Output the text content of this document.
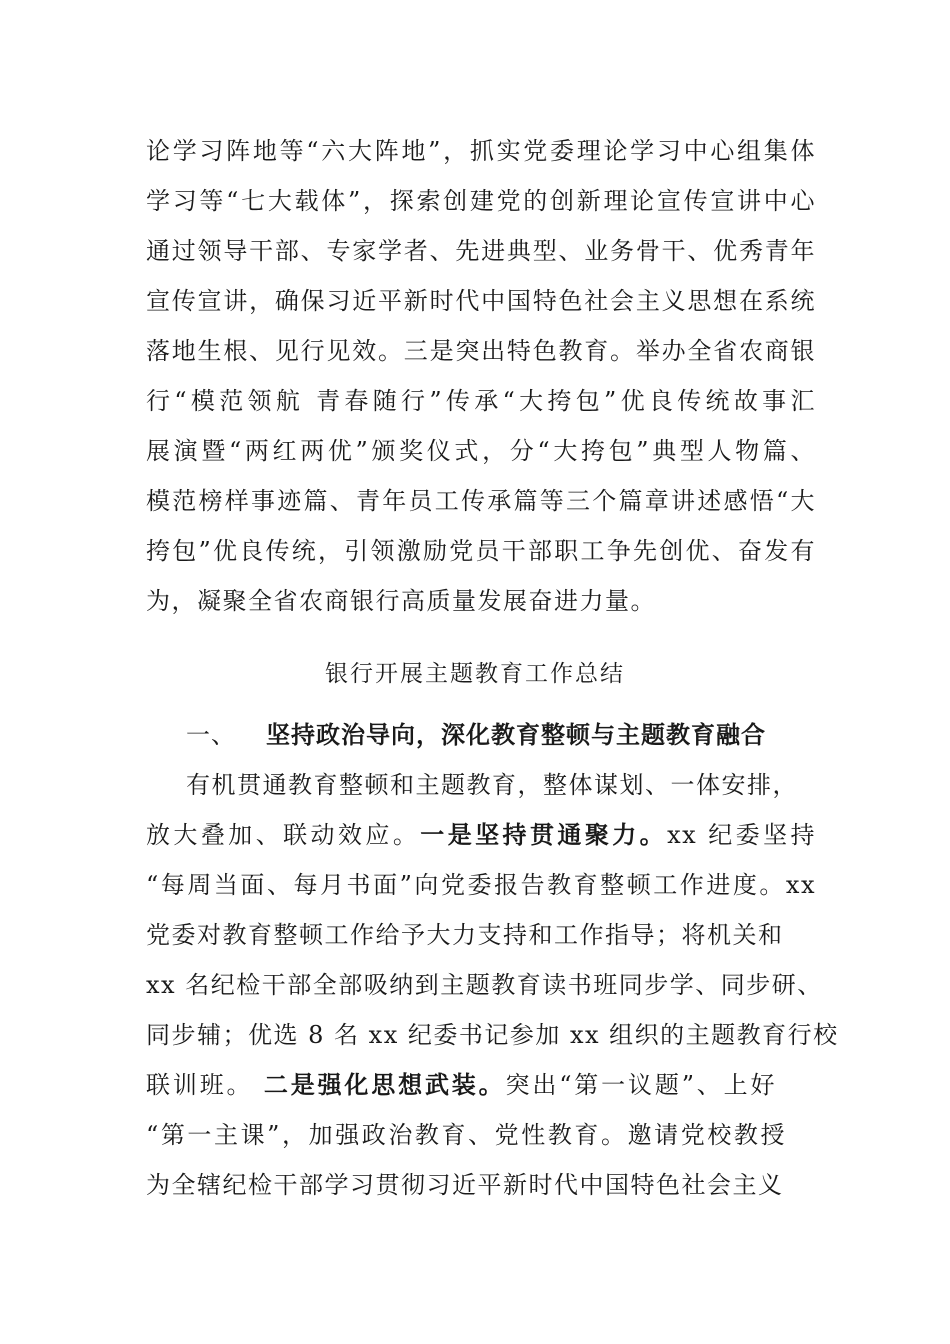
论学习阵地等“六大阵地”，抓实党委理论学习中心组集体
学习等“七大载体”，探索创建党的创新理论宣传宣讲中心
通过领导干部、专家学者、先进典型、业务骨干、优秀青年
宣传宣讲，确保习近平新时代中国特色社会主义思想在系统
落地生根、见行见效。三是突出特色教育。举办全省农商银
行“模范领航 青春随行”传承“大挎包”优良传统故事汇
展演暨“两红两优”颁奖仪式，分“大挎包”典型人物篇、
模范榜样事迹篇、青年员工传承篇等三个篇章讲述感悟“大
挎包”优良传统，引领激励党员干部职工争先创优、奋发有
为，凝聚全省农商银行高质量发展奋进力量。
银行开展主题教育工作总结
一、 坚持政治导向，深化教育整顿与主题教育融合
有机贯通教育整顿和主题教育，整体谋划、一体安排，
放大叠加、联动效应。一是坚持贯通聚力。xx 纪委坚持
“每周当面、每月书面”向党委报告教育整顿工作进度。xx
党委对教育整顿工作给予大力支持和工作指导；将机关和
xx 名纪检干部全部吸纳到主题教育读书班同步学、同步研、
同步辅；优选 8 名 xx 纪委书记参加 xx 组织的主题教育行校
联训班。 二是强化思想武装。突出“第一议题”、上好
“第一主课”，加强政治教育、党性教育。邀请党校教授
为全辖纪检干部学习贯彻习近平新时代中国特色社会主义
